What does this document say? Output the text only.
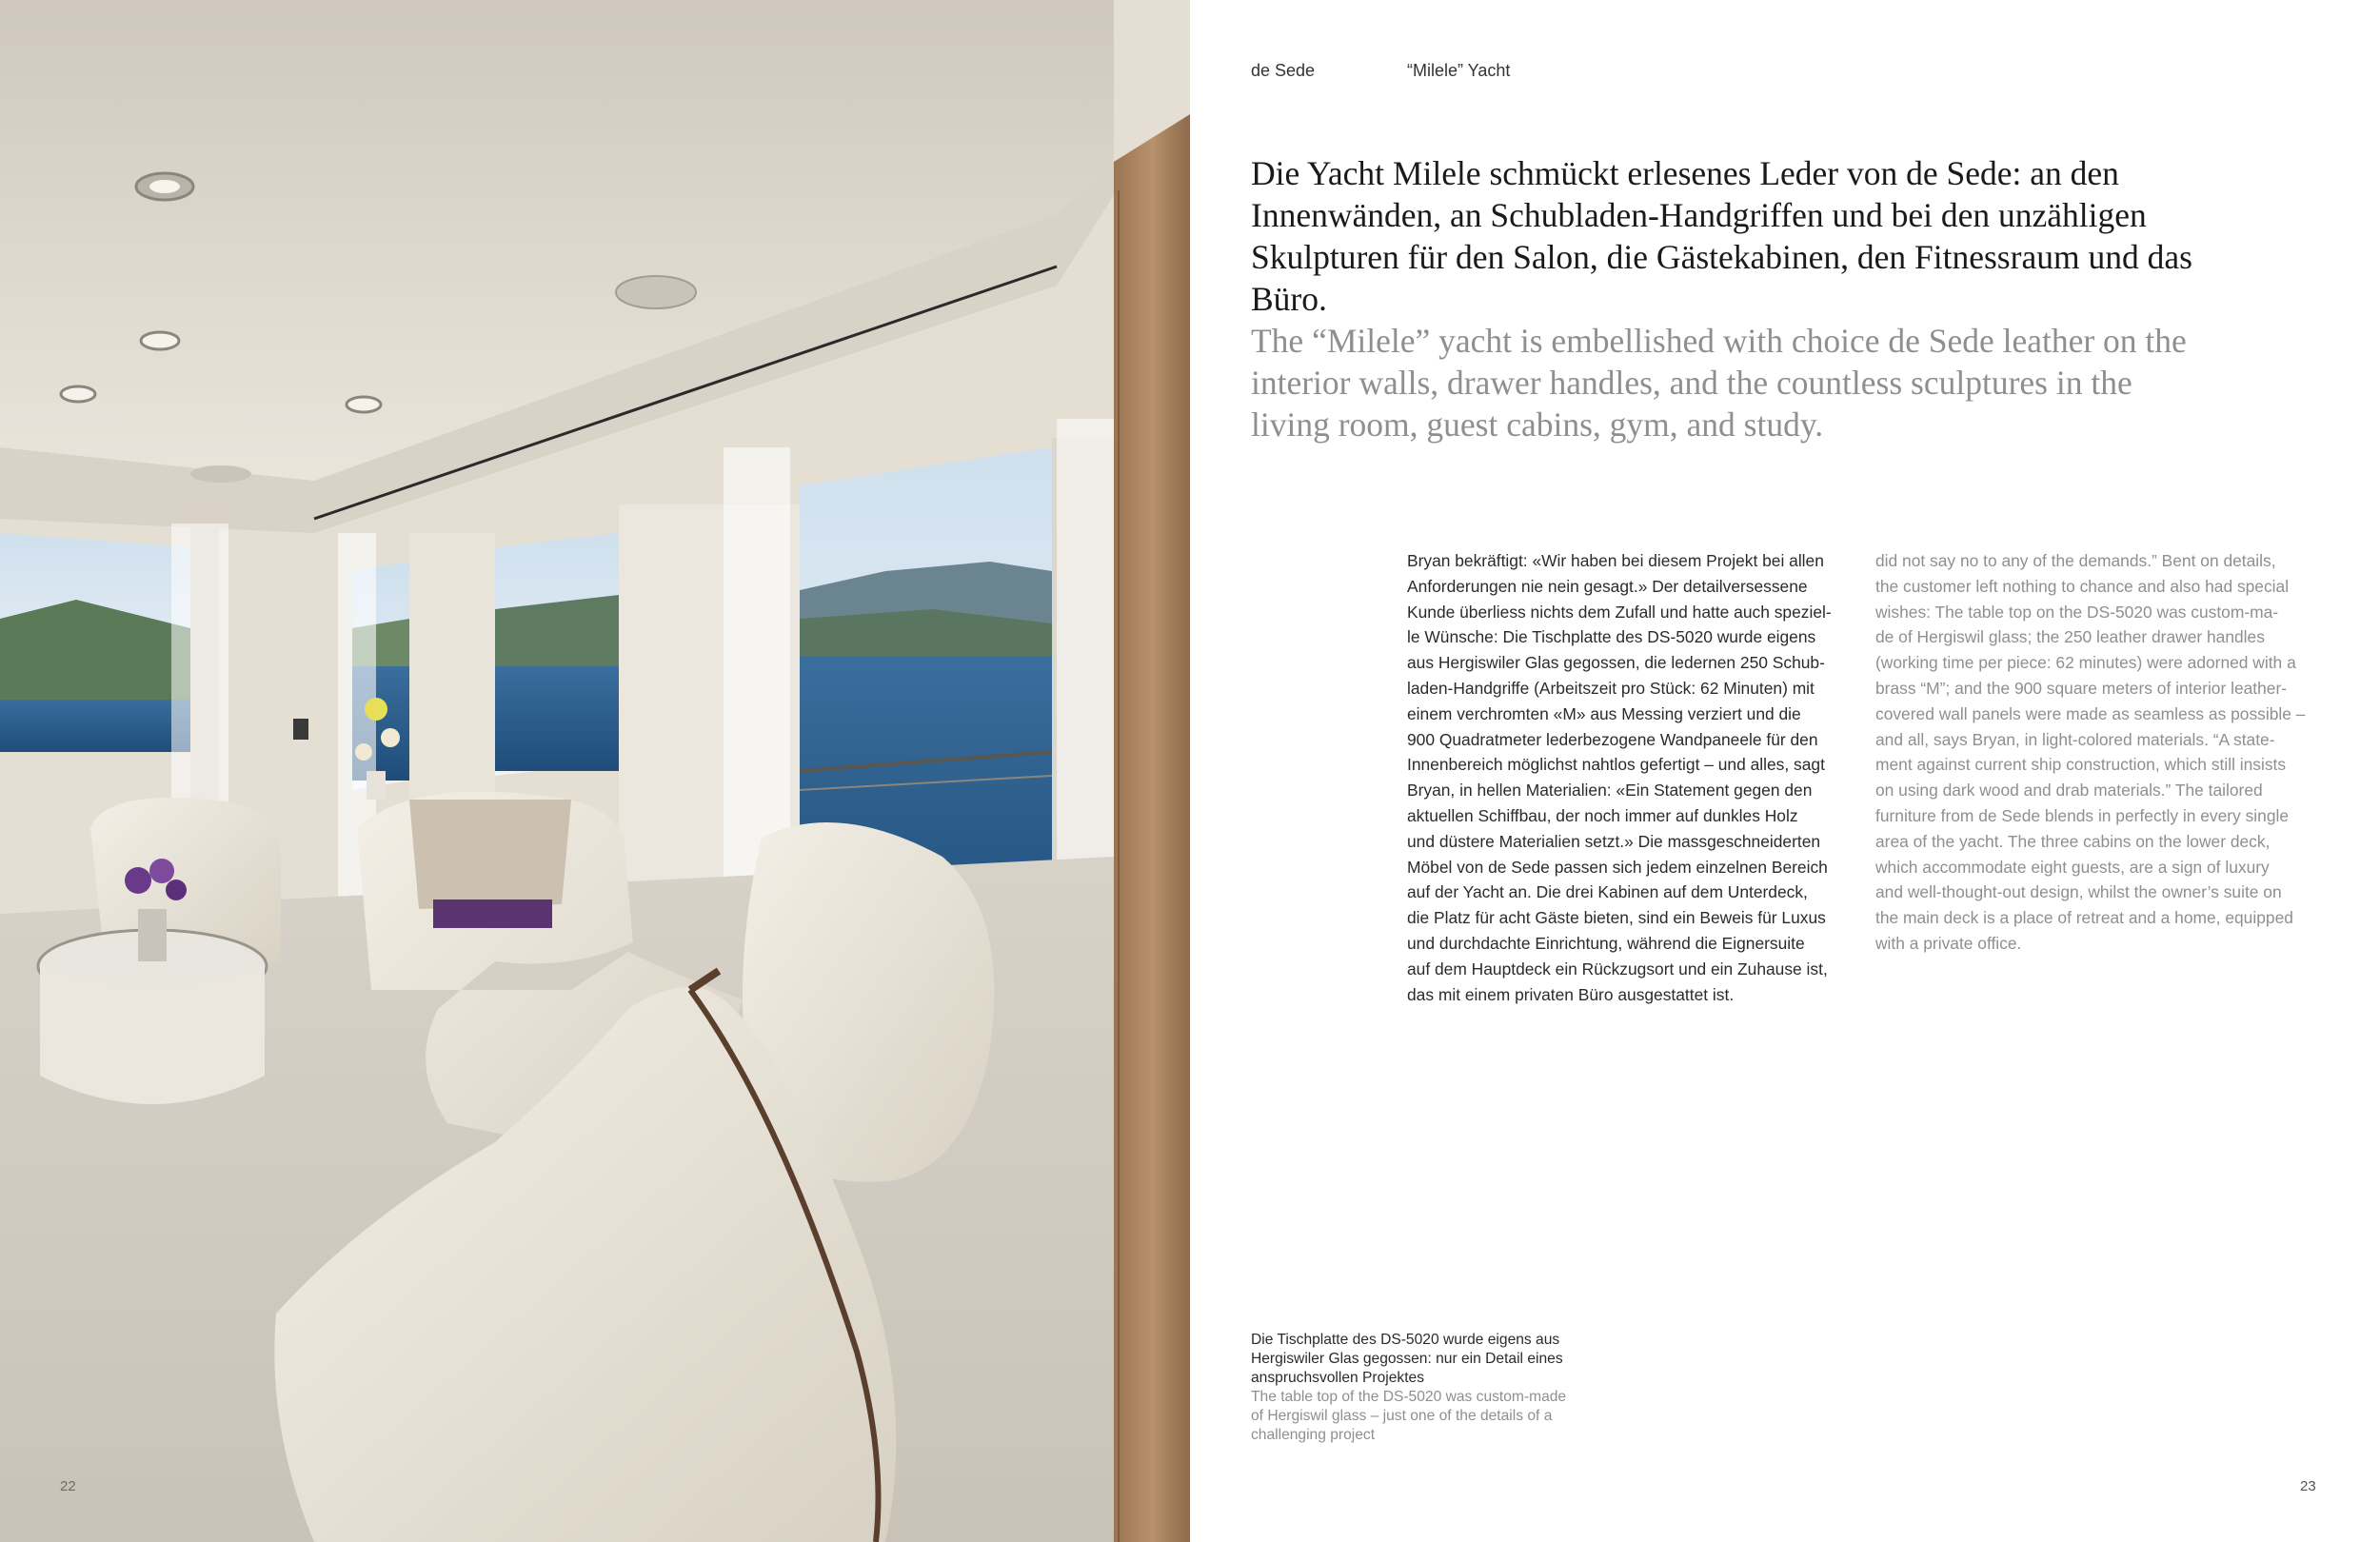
22
de Sede	“Milele” Yacht

Die Yacht Milele schmückt erlesenes Leder von de Sede: an den Innenwänden, an Schubladen-Handgriffen und bei den unzähligen Skulpturen für den Salon, die Gästekabinen, den Fitnessraum und das Büro.

The “Milele” yacht is embellished with choice de Sede leather on the interior walls, drawer handles, and the countless sculptures in the living room, guest cabins, gym, and study.

Bryan bekräftigt: «Wir haben bei diesem Projekt bei allen
Anforderungen nie nein gesagt.» Der detailversessene
Kunde überliess nichts dem Zufall und hatte auch speziel-
le Wünsche: Die Tischplatte des DS-5020 wurde eigens
aus Hergiswiler Glas gegossen, die ledernen 250 Schub-
laden-Handgriffe (Arbeitszeit pro Stück: 62 Minuten) mit
einem verchromten «M» aus Messing verziert und die
900 Quadratmeter lederbezogene Wandpaneele für den
Innenbereich möglichst nahtlos gefertigt – und alles, sagt
Bryan, in hellen Materialien: «Ein Statement gegen den
aktuellen Schiffbau, der noch immer auf dunkles Holz
und düstere Materialien setzt.» Die massgeschneiderten
Möbel von de Sede passen sich jedem einzelnen Bereich
auf der Yacht an. Die drei Kabinen auf dem Unterdeck,
die Platz für acht Gäste bieten, sind ein Beweis für Luxus
und durchdachte Einrichtung, während die Eignersuite
auf dem Hauptdeck ein Rückzugsort und ein Zuhause ist,
das mit einem privaten Büro ausgestattet ist.
did not say no to any of the demands.” Bent on details,
the customer left nothing to chance and also had special
wishes: The table top on the DS-5020 was custom-ma-
de of Hergiswil glass; the 250 leather drawer handles
(working time per piece: 62 minutes) were adorned with a
brass “M”; and the 900 square meters of interior leather-
covered wall panels were made as seamless as possible –
and all, says Bryan, in light-colored materials. “A state-
ment against current ship construction, which still insists
on using dark wood and drab materials.” The tailored
furniture from de Sede blends in perfectly in every single
area of the yacht. The three cabins on the lower deck,
which accommodate eight guests, are a sign of luxury
and well-thought-out design, whilst the owner’s suite on
the main deck is a place of retreat and a home, equipped
with a private office.
Die Tischplatte des DS-5020 wurde eigens aus
Hergiswiler Glas gegossen: nur ein Detail eines
anspruchsvollen Projektes
The table top of the DS-5020 was custom-made
of Hergiswil glass – just one of the details of a
challenging project
23
